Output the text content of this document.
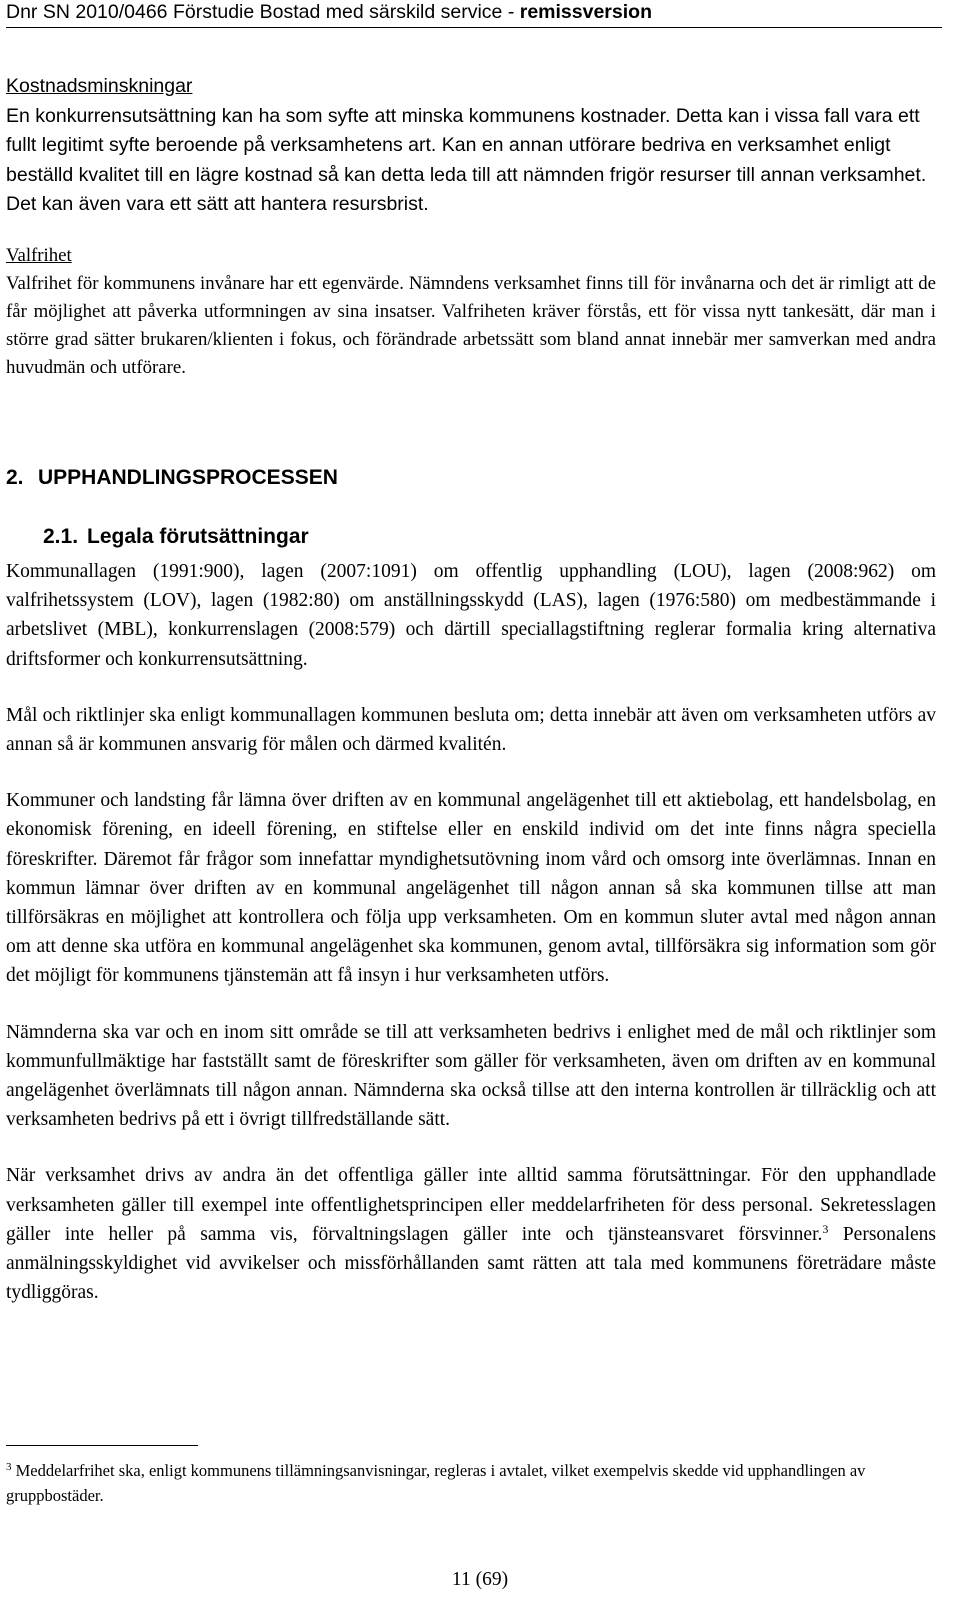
Dnr SN 2010/0466 Förstudie Bostad med särskild service - remissversion
Kostnadsminskningar

En konkurrensutsättning kan ha som syfte att minska kommunens kostnader. Detta kan i vissa fall vara ett fullt legitimt syfte beroende på verksamhetens art. Kan en annan utförare bedriva en verksamhet enligt beställd kvalitet till en lägre kostnad så kan detta leda till att nämnden frigör resurser till annan verksamhet. Det kan även vara ett sätt att hantera resursbrist.

Valfrihet

Valfrihet för kommunens invånare har ett egenvärde. Nämndens verksamhet finns till för invånarna och det är rimligt att de får möjlighet att påverka utformningen av sina insatser. Valfriheten kräver förstås, ett för vissa nytt tankesätt, där man i större grad sätter brukaren/klienten i fokus, och förändrade arbetssätt som bland annat innebär mer samverkan med andra huvudmän och utförare.

2. UPPHANDLINGSPROCESSEN
2.1. Legala förutsättningar

Kommunallagen (1991:900), lagen (2007:1091) om offentlig upphandling (LOU), lagen (2008:962) om valfrihetssystem (LOV), lagen (1982:80) om anställningsskydd (LAS), lagen (1976:580) om medbestämmande i arbetslivet (MBL), konkurrenslagen (2008:579) och därtill speciallagstiftning reglerar formalia kring alternativa driftsformer och konkurrensutsättning.

Mål och riktlinjer ska enligt kommunallagen kommunen besluta om; detta innebär att även om verksamheten utförs av annan så är kommunen ansvarig för målen och därmed kvalitén.

Kommuner och landsting får lämna över driften av en kommunal angelägenhet till ett aktiebolag, ett handelsbolag, en ekonomisk förening, en ideell förening, en stiftelse eller en enskild individ om det inte finns några speciella föreskrifter. Däremot får frågor som innefattar myndighetsutövning inom vård och omsorg inte överlämnas. Innan en kommun lämnar över driften av en kommunal angelägenhet till någon annan så ska kommunen tillse att man tillförsäkras en möjlighet att kontrollera och följa upp verksamheten. Om en kommun sluter avtal med någon annan om att denne ska utföra en kommunal angelägenhet ska kommunen, genom avtal, tillförsäkra sig information som gör det möjligt för kommunens tjänstemän att få insyn i hur verksamheten utförs.

Nämnderna ska var och en inom sitt område se till att verksamheten bedrivs i enlighet med de mål och riktlinjer som kommunfullmäktige har fastställt samt de föreskrifter som gäller för verksamheten, även om driften av en kommunal angelägenhet överlämnats till någon annan. Nämnderna ska också tillse att den interna kontrollen är tillräcklig och att verksamheten bedrivs på ett i övrigt tillfredställande sätt.

När verksamhet drivs av andra än det offentliga gäller inte alltid samma förutsättningar. För den upphandlade verksamheten gäller till exempel inte offentlighetsprincipen eller meddelarfriheten för dess personal. Sekretesslagen gäller inte heller på samma vis, förvaltningslagen gäller inte och tjänsteansvaret försvinner.$^3$ Personalens anmälningsskyldighet vid avvikelser och missförhållanden samt rätten att tala med kommunens företrädare måste tydliggöras.

$^3$ Meddelarfrihet ska, enligt kommunens tillämningsanvisningar, regleras i avtalet, vilket exempelvis skedde vid upphandlingen av gruppbostäder.
11 (69)
